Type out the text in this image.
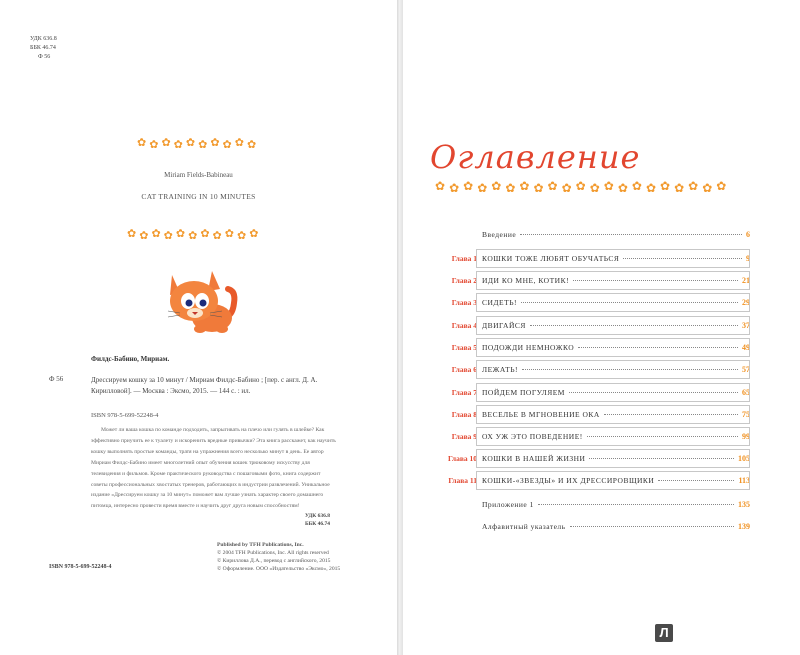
УДК 636.8
ББК 46.74
Ф 56
✿ ✿ ✿ ✿ ✿ ✿ ✿ ✿ ✿ ✿
Miriam Fields-Babineau
CAT TRAINING IN 10 MINUTES
✿ ✿ ✿ ✿ ✿ ✿ ✿ ✿ ✿ ✿ ✿
Филдс-Бабино, Мириам.
Ф 56	Дрессируем кошку за 10 минут / Мириам Филдс-Бабино ; [пер. с англ. Д. А. Кирилловой]. — Москва : Эксмо, 2015. — 144 с. : ил.
ISBN 978-5-699-52248-4
Может ли ваша кошка по команде подходить, запрыгивать на плечо или гулять в шлейке? Как эффективно приучить ее к туалету и искоренить вредные привычки? Эта книга расскажет, как научить кошку выполнять простые команды, тратя на упражнения всего несколько минут в день. Ее автор Мириам Филдс-Бабино имеет многолетний опыт обучения кошек трюковому искусству для телевидения и фильмов. Кроме практического руководства с пошаговыми фото, книга содержит советы профессиональных хвостатых тренеров, работающих в индустрии развлечений. Уникальное издание «Дрессируем кошку за 10 минут» поможет вам лучше узнать характер своего домашнего питомца, интересно провести время вместе и научить друг друга новым способностям!
УДК 636.8
ББК 46.74
ISBN 978-5-699-52248-4
Published by TFH Publications, Inc.
© 2004 TFH Publications, Inc. All rights reserved
© Кириллова Д.А., перевод с английского, 2015
© Оформление. ООО «Издательство «Эксмо», 2015
Оглавление
✿ ✿ ✿ ✿ ✿ ✿ ✿ ✿ ✿ ✿ ✿ ✿ ✿ ✿ ✿ ✿ ✿ ✿ ✿ ✿ ✿
Введение	6
Глава 1 КОШКИ ТОЖЕ ЛЮБЯТ ОБУЧАТЬСЯ	9
Глава 2 ИДИ КО МНЕ, КОТИК!	21
Глава 3 СИДЕТЬ!	29
Глава 4 ДВИГАЙСЯ	37
Глава 5 ПОДОЖДИ НЕМНОЖКО	49
Глава 6 ЛЕЖАТЬ!	57
Глава 7 ПОЙДЕМ ПОГУЛЯЕМ	65
Глава 8 ВЕСЕЛЬЕ В МГНОВЕНИЕ ОКА	75
Глава 9 ОХ УЖ ЭТО ПОВЕДЕНИЕ!	99
Глава 10 КОШКИ В НАШЕЙ ЖИЗНИ	105
Глава 11 КОШКИ-«ЗВЕЗДЫ» И ИХ ДРЕССИРОВЩИКИ	113
Приложение 1	135
Алфавитный указатель	139
Л
